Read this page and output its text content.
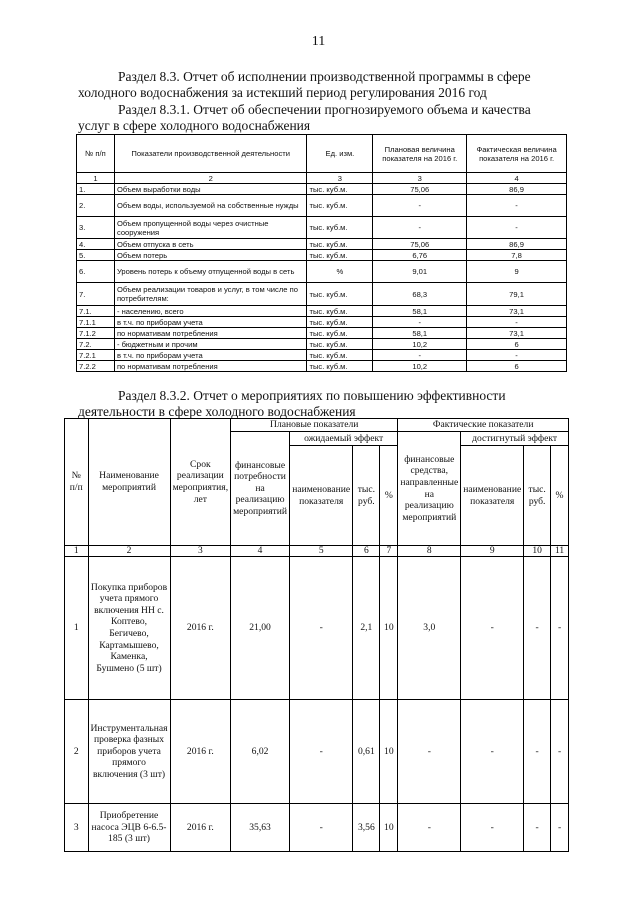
11
Раздел 8.3. Отчет об исполнении производственной программы в сфере
холодного водоснабжения за истекший период регулирования 2016 год
Раздел 8.3.1. Отчет об обеспечении прогнозируемого объема и качества
услуг в сфере холодного водоснабжения
№ п/п	Показатели производственной деятельности	Ед. изм.	Плановая величина показателя на 2016 г.	Фактическая величина показателя на 2016 г.
1	2	3	3	4
1.	Объем выработки воды	тыс. куб.м.	75,06	86,9
2.	Объем воды, используемой на собственные нужды	тыс. куб.м.	-	-
3.	Объем пропущенной воды через очистные сооружения	тыс. куб.м.	-	-
4.	Объем отпуска в сеть	тыс. куб.м.	75,06	86,9
5.	Объем потерь	тыс. куб.м.	6,76	7,8
6.	Уровень потерь к объему отпущенной воды в сеть	%	9,01	9
7.	Объем реализации товаров и услуг, в том числе по потребителям:	тыс. куб.м.	68,3	79,1
7.1.	- населению, всего	тыс. куб.м.	58,1	73,1
7.1.1	в т.ч. по приборам учета	тыс. куб.м.	-	-
7.1.2	по нормативам потребления	тыс. куб.м.	58,1	73,1
7.2.	- бюджетным и прочим	тыс. куб.м.	10,2	6
7.2.1	в т.ч. по приборам учета	тыс. куб.м.	-	-
7.2.2	по нормативам потребления	тыс. куб.м.	10,2	6
Раздел 8.3.2. Отчет о мероприятиях по повышению эффективности
деятельности в сфере холодного водоснабжения
№ п/п	Наименование мероприятий	Срок реализации мероприятия, лет	Плановые показатели				Фактические показатели			
			финансовые потребности на реализацию мероприятий	ожидаемый эффект			финансовые средства, направленные на реализацию мероприятий	достигнутый эффект		
				наименование показателя	тыс. руб.	%		наименование показателя	тыс. руб.	%
1	2	3	4	5	6	7	8	9	10	11
1	Покупка приборов учета прямого включения НН с. Коптево, Бегичево, Картамышево, Каменка, Бушмено (5 шт)	2016 г.	21,00	-	2,1	10	3,0	-	-	-
2	Инструментальная проверка фазных приборов учета прямого включения (3 шт)	2016 г.	6,02	-	0,61	10	-	-	-	-
3	Приобретение насоса ЭЦВ 6-6.5-185 (3 шт)	2016 г.	35,63	-	3,56	10	-	-	-	-
